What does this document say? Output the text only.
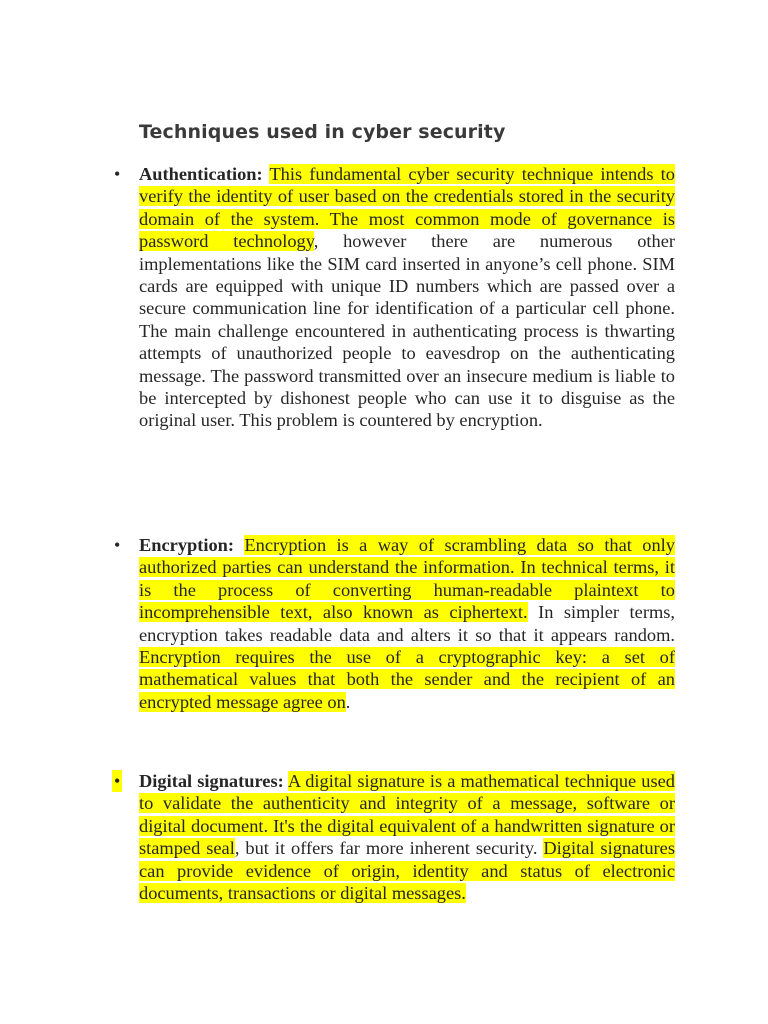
Techniques used in cyber security
• Authentication: This fundamental cyber security technique intends to verify the identity of user based on the credentials stored in the security domain of the system. The most common mode of governance is password technology, however there are numerous other implementations like the SIM card inserted in anyone’s cell phone. SIM cards are equipped with unique ID numbers which are passed over a secure communication line for identification of a particular cell phone. The main challenge encountered in authenticating process is thwarting attempts of unauthorized people to eavesdrop on the authenticating message. The password transmitted over an insecure medium is liable to be intercepted by dishonest people who can use it to disguise as the original user. This problem is countered by encryption.
• Encryption: Encryption is a way of scrambling data so that only authorized parties can understand the information. In technical terms, it is the process of converting human-readable plaintext to incomprehensible text, also known as ciphertext. In simpler terms, encryption takes readable data and alters it so that it appears random. Encryption requires the use of a cryptographic key: a set of mathematical values that both the sender and the recipient of an encrypted message agree on.
• Digital signatures: A digital signature is a mathematical technique used to validate the authenticity and integrity of a message, software or digital document. It's the digital equivalent of a handwritten signature or stamped seal, but it offers far more inherent security. Digital signatures can provide evidence of origin, identity and status of electronic documents, transactions or digital messages.
